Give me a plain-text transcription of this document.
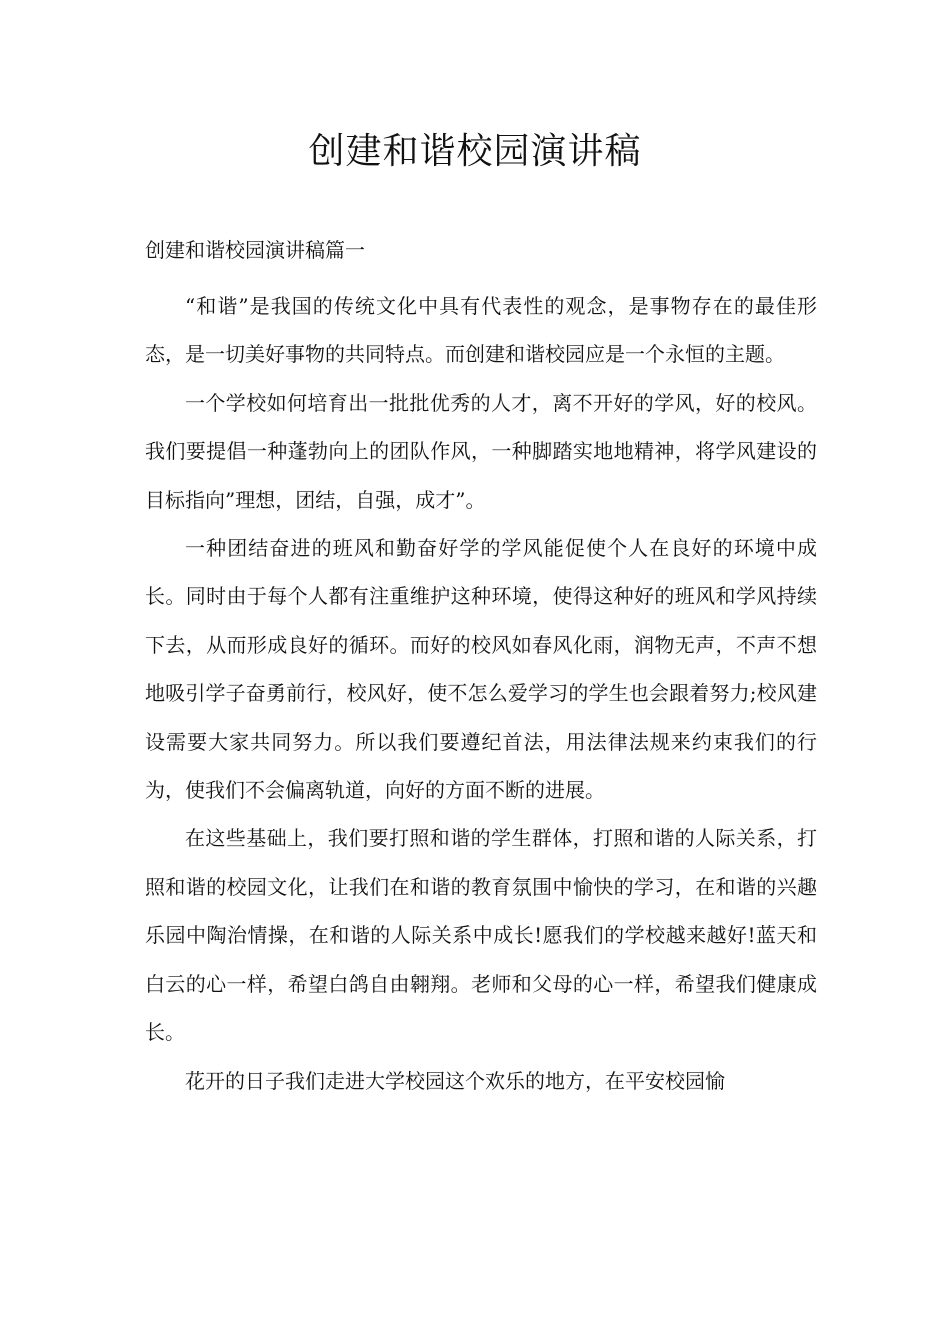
创建和谐校园演讲稿

创建和谐校园演讲稿篇一

“和谐”是我国的传统文化中具有代表性的观念，是事物存在的最佳形态，是一切美好事物的共同特点。而创建和谐校园应是一个永恒的主题。

一个学校如何培育出一批批优秀的人才，离不开好的学风，好的校风。我们要提倡一种蓬勃向上的团队作风，一种脚踏实地地精神，将学风建设的目标指向”理想，团结，自强，成才”。

一种团结奋进的班风和勤奋好学的学风能促使个人在良好的环境中成长。同时由于每个人都有注重维护这种环境，使得这种好的班风和学风持续下去，从而形成良好的循环。而好的校风如春风化雨，润物无声，不声不想地吸引学子奋勇前行，校风好，使不怎么爱学习的学生也会跟着努力;校风建设需要大家共同努力。所以我们要遵纪首法，用法律法规来约束我们的行为，使我们不会偏离轨道，向好的方面不断的进展。

在这些基础上，我们要打照和谐的学生群体，打照和谐的人际关系，打照和谐的校园文化，让我们在和谐的教育氛围中愉快的学习，在和谐的兴趣乐园中陶治情操，在和谐的人际关系中成长!愿我们的学校越来越好!蓝天和白云的心一样，希望白鸽自由翱翔。老师和父母的心一样，希望我们健康成长。

花开的日子我们走进大学校园这个欢乐的地方，在平安校园愉
